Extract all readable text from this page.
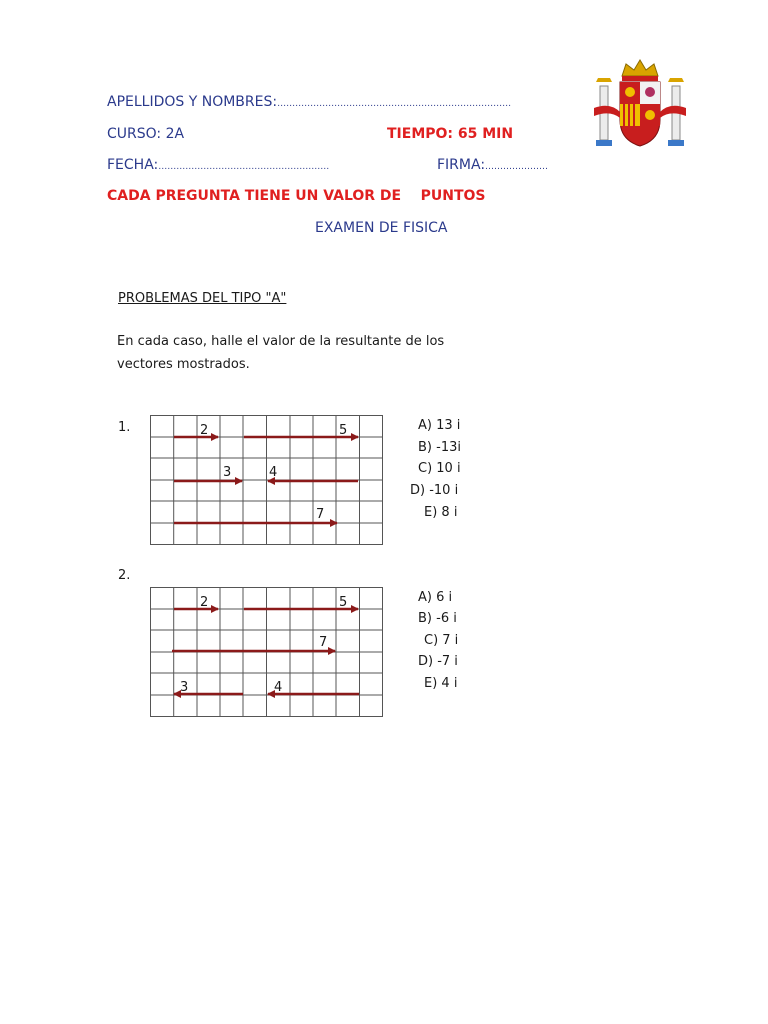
APELLIDOS Y NOMBRES:……………………………………………………………………
CURSO: 2A	TIEMPO: 65 MIN
FECHA:…………………………………………………	FIRMA:…………………
CADA PREGUNTA TIENE UN VALOR DE    PUNTOS
EXAMEN DE FISICA
PROBLEMAS DEL TIPO "A"
En cada caso, halle el valor de la resultante de los
vectores mostrados.
1.	2	5
3	4
7
A) 13 i
B) -13i
C) 10 i
D) -10 i
E) 8 i
2.
2	5
7
3	4
A) 6 i
B) -6 i
C) 7 i
D) -7 i
E) 4 i
